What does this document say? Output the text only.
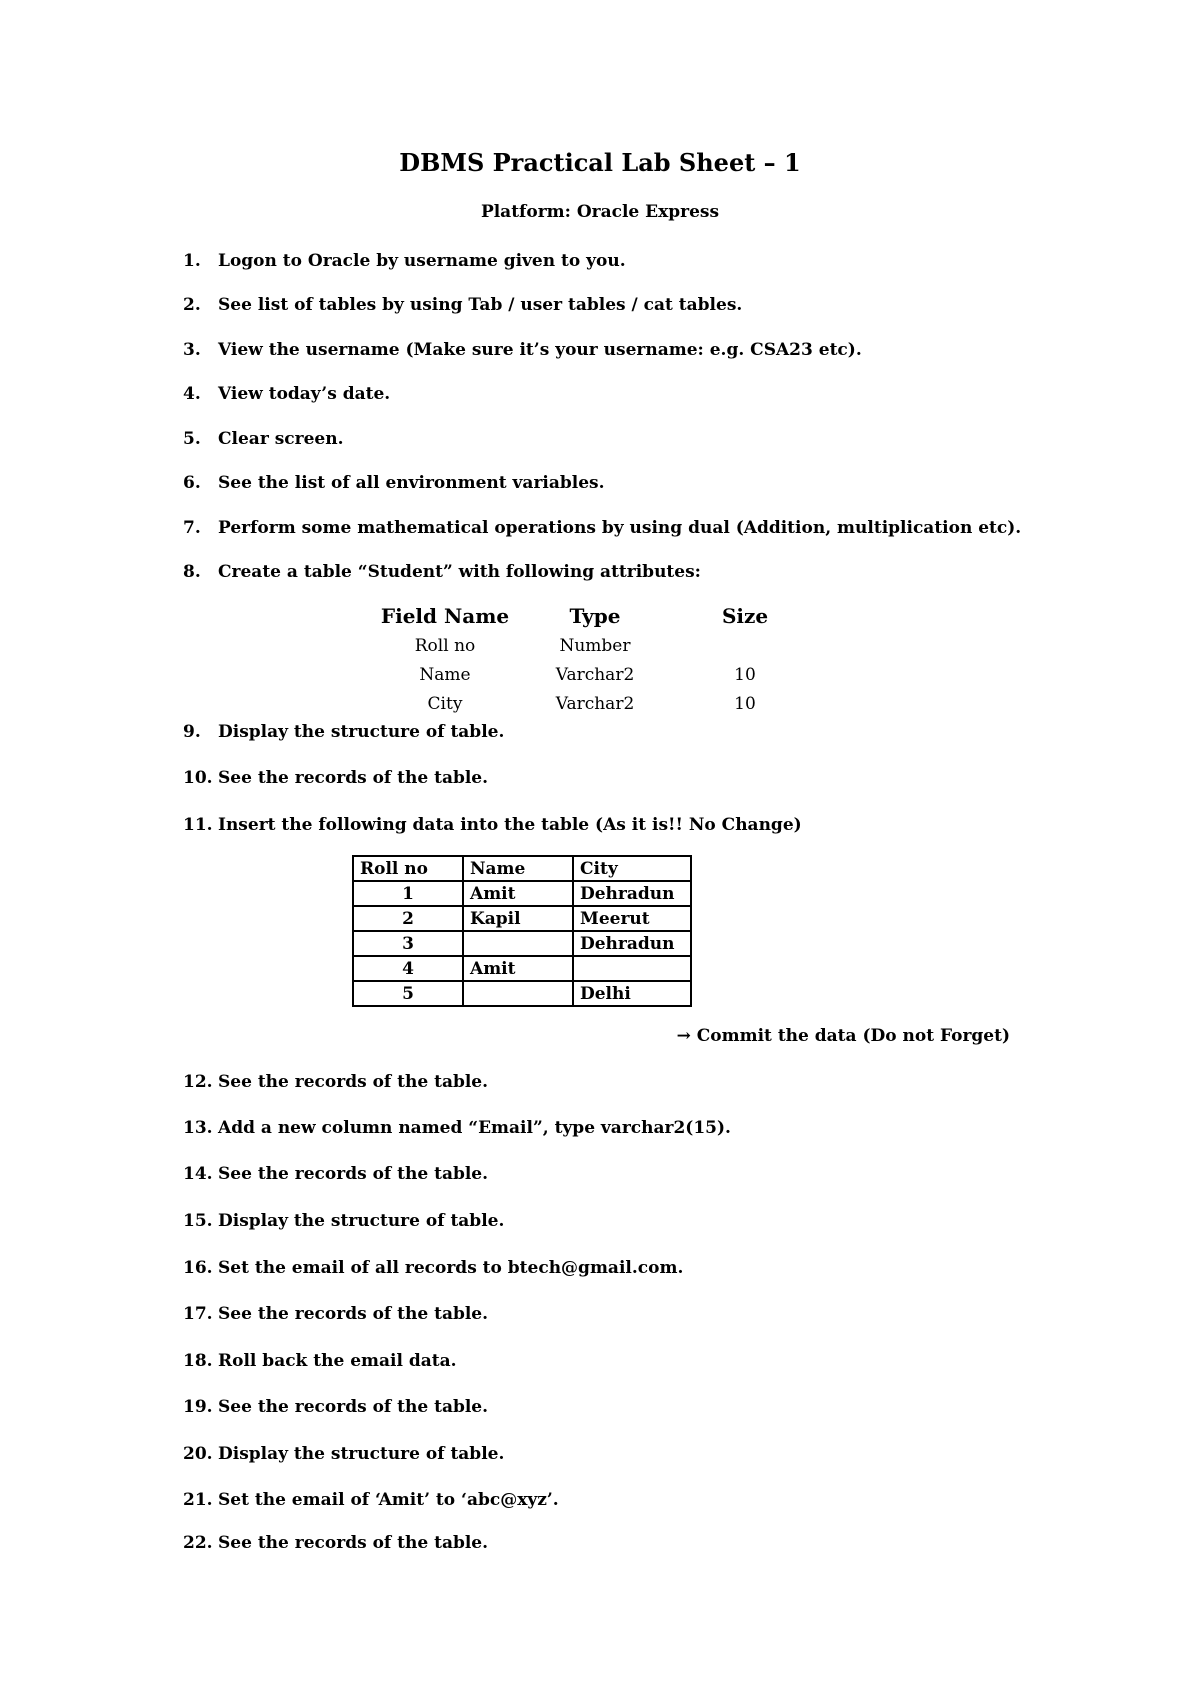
DBMS Practical Lab Sheet – 1
Platform: Oracle Express
1. Logon to Oracle by username given to you.
2. See list of tables by using Tab / user tables / cat tables.
3. View the username (Make sure it’s your username: e.g. CSA23 etc).
4. View today’s date.
5. Clear screen.
6. See the list of all environment variables.
7. Perform some mathematical operations by using dual (Addition, multiplication etc).
8. Create a table “Student” with following attributes:
Field Name	Type	Size
Roll no	Number
Name	Varchar2	10
City	Varchar2	10
9. Display the structure of table.
10. See the records of the table.
11. Insert the following data into the table (As it is!! No Change)
Roll no	Name	City
1	Amit	Dehradun
2	Kapil	Meerut
3		Dehradun
4	Amit	
5		Delhi
→ Commit the data (Do not Forget)
12. See the records of the table.
13. Add a new column named “Email”, type varchar2(15).
14. See the records of the table.
15. Display the structure of table.
16. Set the email of all records to btech@gmail.com.
17. See the records of the table.
18. Roll back the email data.
19. See the records of the table.
20. Display the structure of table.
21. Set the email of ‘Amit’ to ‘abc@xyz’.
22. See the records of the table.
